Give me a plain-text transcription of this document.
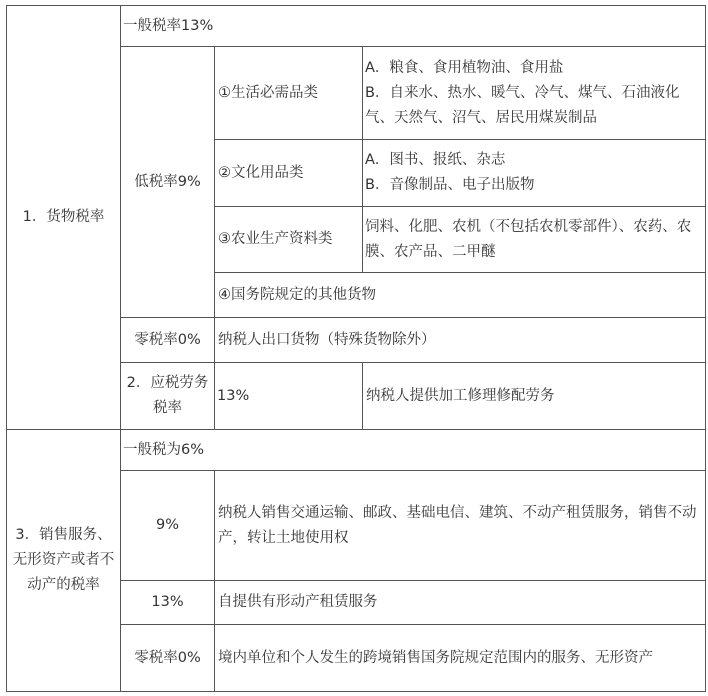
1．货物税率	一般税率13%		
	低税率9%	①生活必需品类	A．粮食、食用植物油、食用盐
B．自来水、热水、暖气、冷气、煤气、石油液化气、天然气、沼气、居民用煤炭制品

		②文化用品类	A．图书、报纸、杂志
B．音像制品、电子出版物

		③农业生产资料类	饲料、化肥、农机（不包括农机零部件）、农药、农膜、农产品、二甲醚

		④国务院规定的其他货物	
	零税率0%	纳税人出口货物（特殊货物除外）	
	2．应税劳务税率	13%	纳税人提供加工修理修配劳务
3．销售服务、无形资产或者不动产的税率	一般税为6%		
	9%	纳税人销售交通运输、邮政、基础电信、建筑、不动产租赁服务，销售不动产，转让土地使用权	

	13%	自提供有形动产租赁服务	
	零税率0%	境内单位和个人发生的跨境销售国务院规定范围内的服务、无形资产	
